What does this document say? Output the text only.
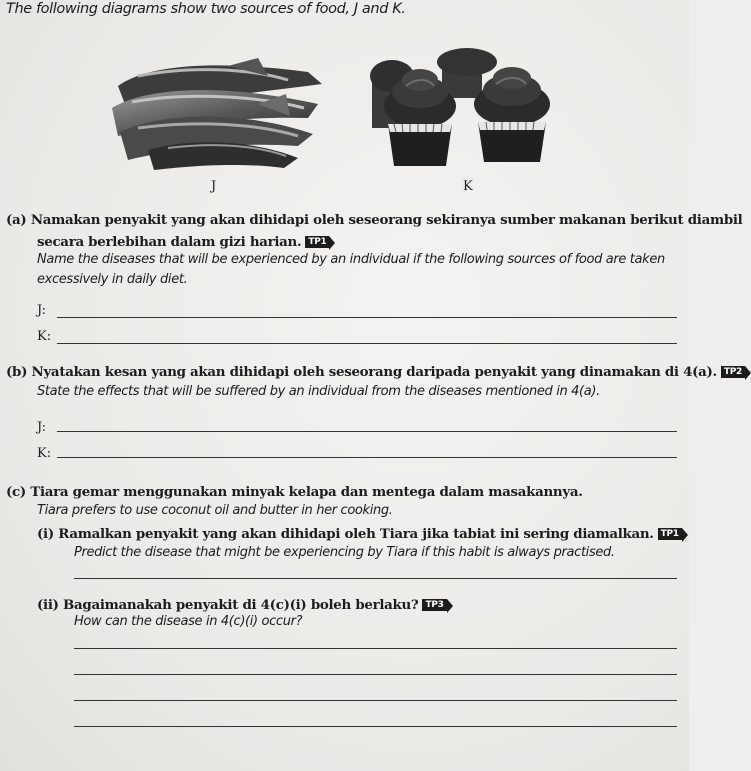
The following diagrams show two sources of food, J and K.
J	K
(a) Namakan penyakit yang akan dihidapi oleh seseorang sekiranya sumber makanan berikut diambil
secara berlebihan dalam gizi harian. TP1
Name the diseases that will be experienced by an individual if the following sources of food are taken
excessively in daily diet.
J:
K:
(b) Nyatakan kesan yang akan dihidapi oleh seseorang daripada penyakit yang dinamakan di 4(a). TP2
State the effects that will be suffered by an individual from the diseases mentioned in 4(a).
J:
K:
(c) Tiara gemar menggunakan minyak kelapa dan mentega dalam masakannya.
Tiara prefers to use coconut oil and butter in her cooking.
(i) Ramalkan penyakit yang akan dihidapi oleh Tiara jika tabiat ini sering diamalkan. TP1
Predict the disease that might be experiencing by Tiara if this habit is always practised.
(ii) Bagaimanakah penyakit di 4(c)(i) boleh berlaku? TP3
How can the disease in 4(c)(i) occur?
